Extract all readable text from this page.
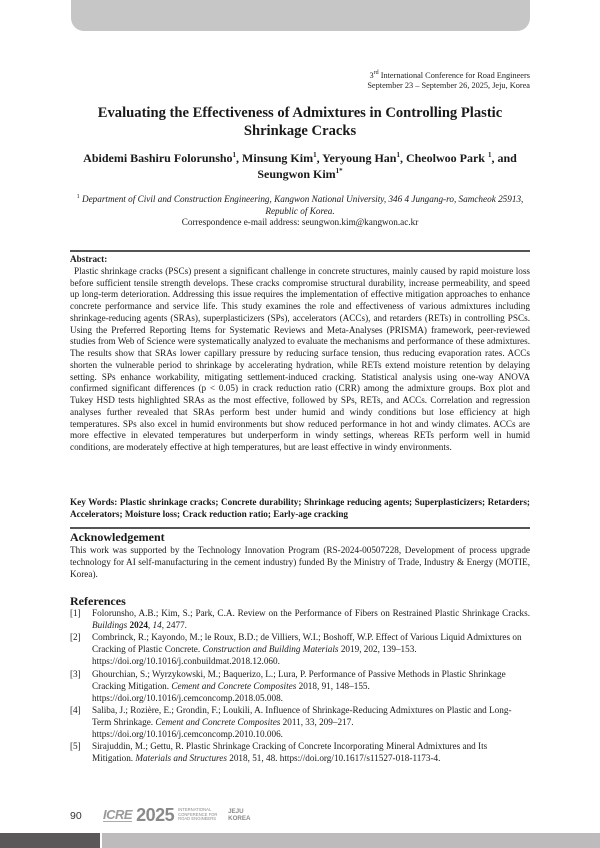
3rd International Conference for Road Engineers
September 23 – September 26, 2025, Jeju, Korea
Evaluating the Effectiveness of Admixtures in Controlling Plastic Shrinkage Cracks
Abidemi Bashiru Folorunsho$^1$, Minsung Kim$^1$, Yeryoung Han$^1$, Cheolwoo Park $^1$, and Seungwon Kim$^{1*}$
$^1$ Department of Civil and Construction Engineering, Kangwon National University, 346 4 Jungang-ro, Samcheok 25913, Republic of Korea.
Correspondence e-mail address: seungwon.kim@kangwon.ac.kr
Abstract:

Plastic shrinkage cracks (PSCs) present a significant challenge in concrete structures, mainly caused by rapid moisture loss before sufficient tensile strength develops. These cracks compromise structural durability, increase permeability, and speed up long-term deterioration. Addressing this issue requires the implementation of effective mitigation approaches to enhance concrete performance and service life. This study examines the role and effectiveness of various admixtures including shrinkage-reducing agents (SRAs), superplasticizers (SPs), accelerators (ACCs), and retarders (RETs) in controlling PSCs. Using the Preferred Reporting Items for Systematic Reviews and Meta-Analyses (PRISMA) framework, peer-reviewed studies from Web of Science were systematically analyzed to evaluate the mechanisms and performance of these admixtures. The results show that SRAs lower capillary pressure by reducing surface tension, thus reducing evaporation rates. ACCs shorten the vulnerable period to shrinkage by accelerating hydration, while RETs extend moisture retention by delaying setting. SPs enhance workability, mitigating settlement-induced cracking. Statistical analysis using one-way ANOVA confirmed significant differences (p < 0.05) in crack reduction ratio (CRR) among the admixture groups. Box plot and Tukey HSD tests highlighted SRAs as the most effective, followed by SPs, RETs, and ACCs. Correlation and regression analyses further revealed that SRAs perform best under humid and windy conditions but lose efficiency at high temperatures. SPs also excel in humid environments but show reduced performance in hot and windy climates. ACCs are more effective in elevated temperatures but underperform in windy settings, whereas RETs perform well in humid conditions, are moderately effective at high temperatures, but are least effective in windy environments.

Key Words: Plastic shrinkage cracks; Concrete durability; Shrinkage reducing agents; Superplasticizers; Retarders; Accelerators; Moisture loss; Crack reduction ratio; Early-age cracking
Acknowledgement

This work was supported by the Technology Innovation Program (RS-2024-00507228, Development of process upgrade technology for AI self-manufacturing in the cement industry) funded By the Ministry of Trade, Industry & Energy (MOTIE, Korea).

References
[1]	Folorunsho, A.B.; Kim, S.; Park, C.A. Review on the Performance of Fibers on Restrained Plastic Shrinkage Cracks. Buildings 2024, 14, 2477.
[2]	Combrinck, R.; Kayondo, M.; le Roux, B.D.; de Villiers, W.I.; Boshoff, W.P. Effect of Various Liquid Admixtures on Cracking of Plastic Concrete. Construction and Building Materials 2019, 202, 139–153. https://doi.org/10.1016/j.conbuildmat.2018.12.060.
[3]	Ghourchian, S.; Wyrzykowski, M.; Baquerizo, L.; Lura, P. Performance of Passive Methods in Plastic Shrinkage Cracking Mitigation. Cement and Concrete Composites 2018, 91, 148–155. https://doi.org/10.1016/j.cemconcomp.2018.05.008.
[4]	Saliba, J.; Rozière, E.; Grondin, F.; Loukili, A. Influence of Shrinkage-Reducing Admixtures on Plastic and Long-Term Shrinkage. Cement and Concrete Composites 2011, 33, 209–217. https://doi.org/10.1016/j.cemconcomp.2010.10.006.
[5]	Sirajuddin, M.; Gettu, R. Plastic Shrinkage Cracking of Concrete Incorporating Mineral Admixtures and Its Mitigation. Materials and Structures 2018, 51, 48. https://doi.org/10.1617/s11527-018-1173-4.
90 ICRE 2025 INTERNATIONAL CONFERENCE FOR ROAD ENGINEERS
JEJU
KOREA
